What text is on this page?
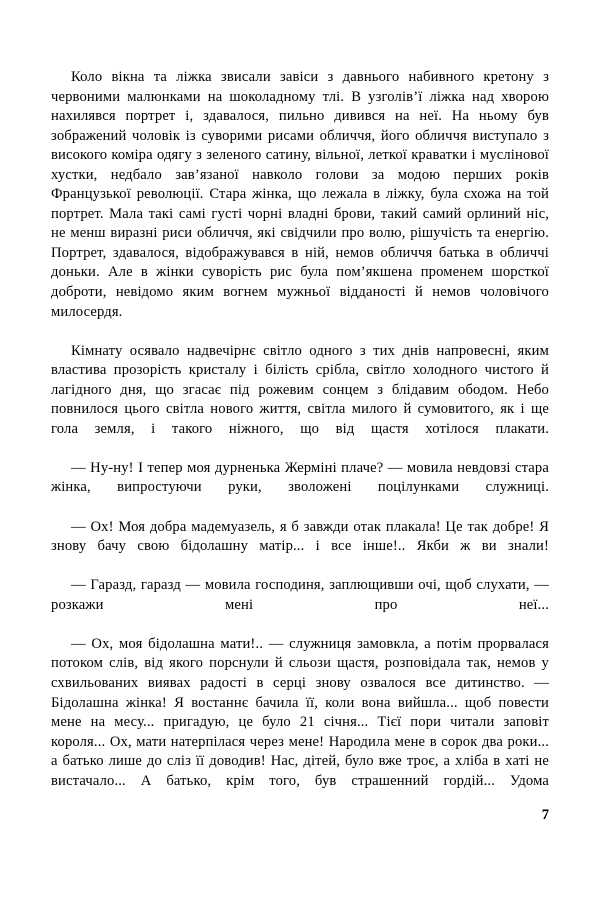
Коло вікна та ліжка звисали завіси з давнього набивного кретону з червоними малюнками на шоколадному тлі. В узголів’ї ліжка над хворою нахилявся портрет і, здавалося, пильно дивився на неї. На ньому був зображений чоловік із суворими рисами обличчя, його обличчя виступало з високого коміра одягу з зеленого сатину, вільної, леткої краватки і муслінової хустки, недбало зав’язаної навколо голови за модою перших років Французької революції. Стара жінка, що лежала в ліжку, була схожа на той портрет. Мала такі самі густі чорні владні брови, такий самий орлиний ніс, не менш виразні риси обличчя, які свідчили про волю, рішучість та енергію. Портрет, здавалося, відображувався в ній, немов обличчя батька в обличчі доньки. Але в жінки суворість рис була пом’якшена променем шорсткої доброти, невідомо яким вогнем мужньої відданості й немов чоловічого милосердя.

Кімнату осявало надвечірнє світло одного з тих днів напровесні, яким властива прозорість кристалу і білість срібла, світло холодного чистого й лагідного дня, що згасає під рожевим сонцем з блідавим ободом. Небо повнилося цього світла нового життя, світла милого й сумовитого, як і ще гола земля, і такого ніжного, що від щастя хотілося плакати.

— Ну-ну! І тепер моя дурненька Жерміні плаче? — мовила невдовзі стара жінка, випростуючи руки, зволожені поцілунками служниці.

— Ох! Моя добра мадемуазель, я б завжди отак плакала! Це так добре! Я знову бачу свою бідолашну матір... і все інше!.. Якби ж ви знали!

— Гаразд, гаразд — мовила господиня, заплющивши очі, щоб слухати, — розкажи мені про неї...

— Ох, моя бідолашна мати!.. — служниця замовкла, а потім прорвалася потоком слів, від якого порснули й сльози щастя, розповідала так, немов у схвильованих виявах радості в серці знову озвалося все дитинство. — Бідолашна жінка! Я востаннє бачила її, коли вона вийшла... щоб повести мене на месу... пригадую, це було 21 січня... Тієї пори читали заповіт короля... Ох, мати натерпілася через мене! Народила мене в сорок два роки... а батько лише до сліз її доводив! Нас, дітей, було вже троє, а хліба в хаті не вистачало... А батько, крім того, був страшенний гордій... Удома

7
